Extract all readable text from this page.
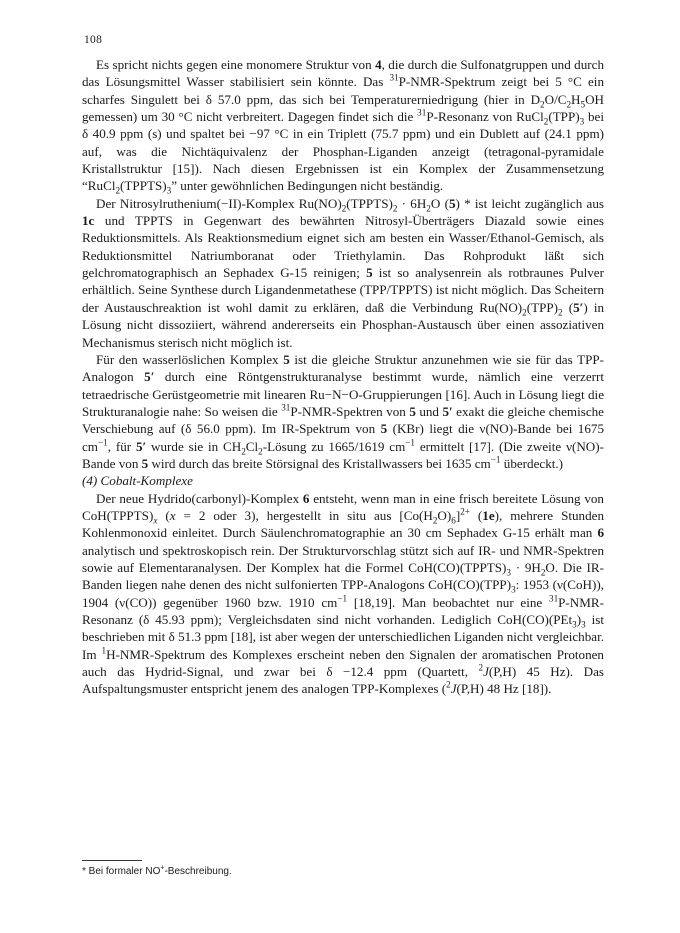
108

Es spricht nichts gegen eine monomere Struktur von 4, die durch die Sulfonatgruppen und durch das Lösungsmittel Wasser stabilisiert sein könnte. Das $^{31}$P-NMR-Spektrum zeigt bei 5 °C ein scharfes Singulett bei δ 57.0 ppm, das sich bei Temperaturerniedrigung (hier in $D_2O/C_2H_5OH$ gemessen) um 30 °C nicht verbreitert. Dagegen findet sich die $^{31}$P-Resonanz von $RuCl_2(TPP)_3$ bei δ 40.9 ppm (s) und spaltet bei −97 °C in ein Triplett (75.7 ppm) und ein Dublett auf (24.1 ppm) auf, was die Nichtäquivalenz der Phosphan-Liganden anzeigt (tetragonal-pyramidale Kristallstruktur [15]). Nach diesen Ergebnissen ist ein Komplex der Zusammensetzung “$RuCl_2(TPPTS)_3$” unter gewöhnlichen Bedingungen nicht beständig.

Der Nitrosylruthenium(−II)-Komplex $Ru(NO)_2(TPPTS)_2 \cdot 6H_2O$ (5) * ist leicht zugänglich aus 1c und TPPTS in Gegenwart des bewährten Nitrosyl-Überträgers Diazald sowie eines Reduktionsmittels. Als Reaktionsmedium eignet sich am besten ein Wasser/Ethanol-Gemisch, als Reduktionsmittel Natriumboranat oder Triethylamin. Das Rohprodukt läßt sich gelchromatographisch an Sephadex G-15 reinigen; 5 ist so analysenrein als rotbraunes Pulver erhältlich. Seine Synthese durch Ligandenmetathese (TPP/TPPTS) ist nicht möglich. Das Scheitern der Austauschreaktion ist wohl damit zu erklären, daß die Verbindung $Ru(NO)_2(TPP)_2$ (5′) in Lösung nicht dissoziiert, während andererseits ein Phosphan-Austausch über einen assoziativen Mechanismus sterisch nicht möglich ist.

Für den wasserlöslichen Komplex 5 ist die gleiche Struktur anzunehmen wie sie für das TPP-Analogon 5′ durch eine Röntgenstrukturanalyse bestimmt wurde, nämlich eine verzerrt tetraedrische Gerüstgeometrie mit linearen Ru−N−O-Gruppierungen [16]. Auch in Lösung liegt die Strukturanalogie nahe: So weisen die $^{31}$P-NMR-Spektren von 5 und 5′ exakt die gleiche chemische Verschiebung auf (δ 56.0 ppm). Im IR-Spektrum von 5 (KBr) liegt die ν(NO)-Bande bei 1675 $cm^{-1}$, für 5′ wurde sie in $CH_2Cl_2$-Lösung zu 1665/1619 $cm^{-1}$ ermittelt [17]. (Die zweite ν(NO)-Bande von 5 wird durch das breite Störsignal des Kristallwassers bei 1635 $cm^{-1}$ überdeckt.)

(4) Cobalt-Komplexe

Der neue Hydrido(carbonyl)-Komplex 6 entsteht, wenn man in eine frisch bereitete Lösung von $CoH(TPPTS)_x$ (x = 2 oder 3), hergestellt in situ aus $[Co(H_2O)_6]^{2+}$ (1e), mehrere Stunden Kohlenmonoxid einleitet. Durch Säulenchromatographie an 30 cm Sephadex G-15 erhält man 6 analytisch und spektroskopisch rein. Der Strukturvorschlag stützt sich auf IR- und NMR-Spektren sowie auf Elementaranalysen. Der Komplex hat die Formel $CoH(CO)(TPPTS)_3 \cdot 9H_2O$. Die IR-Banden liegen nahe denen des nicht sulfonierten TPP-Analogons $CoH(CO)(TPP)_3$: 1953 (ν(CoH)), 1904 (ν(CO)) gegenüber 1960 bzw. 1910 $cm^{-1}$ [18,19]. Man beobachtet nur eine $^{31}$P-NMR-Resonanz (δ 45.93 ppm); Vergleichsdaten sind nicht vorhanden. Lediglich $CoH(CO)(PEt_3)_3$ ist beschrieben mit δ 51.3 ppm [18], ist aber wegen der unterschiedlichen Liganden nicht vergleichbar. Im $^1$H-NMR-Spektrum des Komplexes erscheint neben den Signalen der aromatischen Protonen auch das Hydrid-Signal, und zwar bei δ −12.4 ppm (Quartett, $^2$J(P,H) 45 Hz). Das Aufspaltungsmuster entspricht jenem des analogen TPP-Komplexes ($^2$J(P,H) 48 Hz [18]).

* Bei formaler NO+-Beschreibung.
